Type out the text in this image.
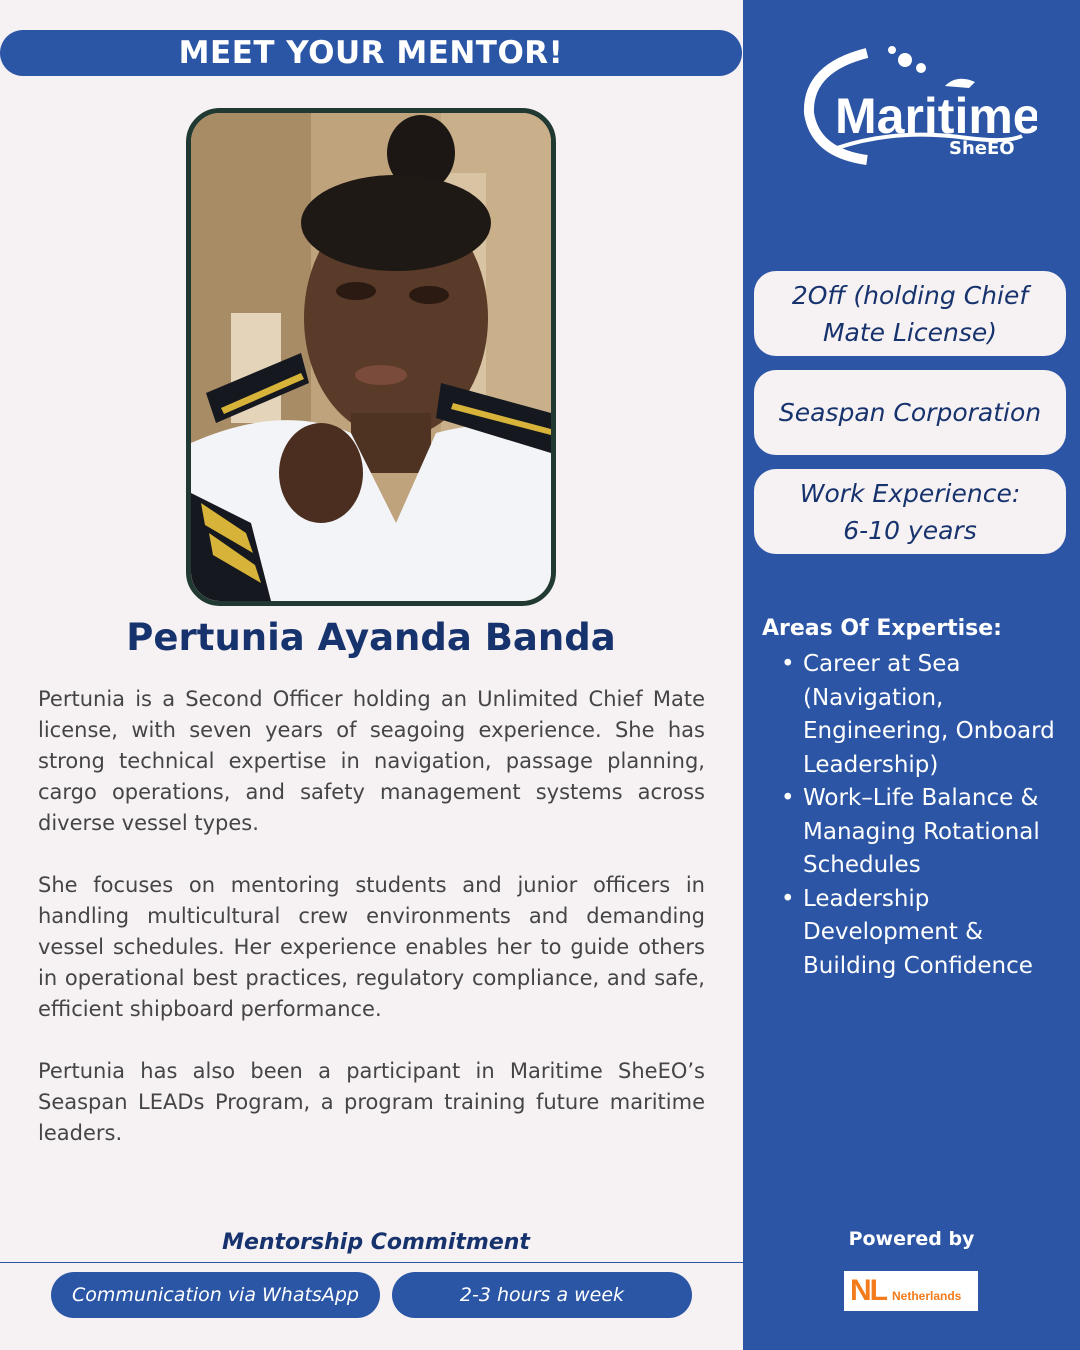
MEET YOUR MENTOR!
Pertunia Ayanda Banda

Pertunia is a Second Officer holding an Unlimited Chief Mate license, with seven years of seagoing experience. She has strong technical expertise in navigation, passage planning, cargo operations, and safety management systems across diverse vessel types.

She focuses on mentoring students and junior officers in handling multicultural crew environments and demanding vessel schedules. Her experience enables her to guide others in operational best practices, regulatory compliance, and safe, efficient shipboard performance.

Pertunia has also been a participant in Maritime SheEO’s Seaspan LEADs Program, a program training future maritime leaders.

Mentorship Commitment
Communication via WhatsApp	2-3 hours a week
Maritime
SheEO
2Off (holding Chief
Mate License)
Seaspan Corporation
Work Experience:
6-10 years
Areas Of Expertise:
• Career at Sea (Navigation, Engineering, Onboard Leadership)
• Work–Life Balance & Managing Rotational Schedules
• Leadership Development & Building Confidence
Powered by
NL Netherlands
